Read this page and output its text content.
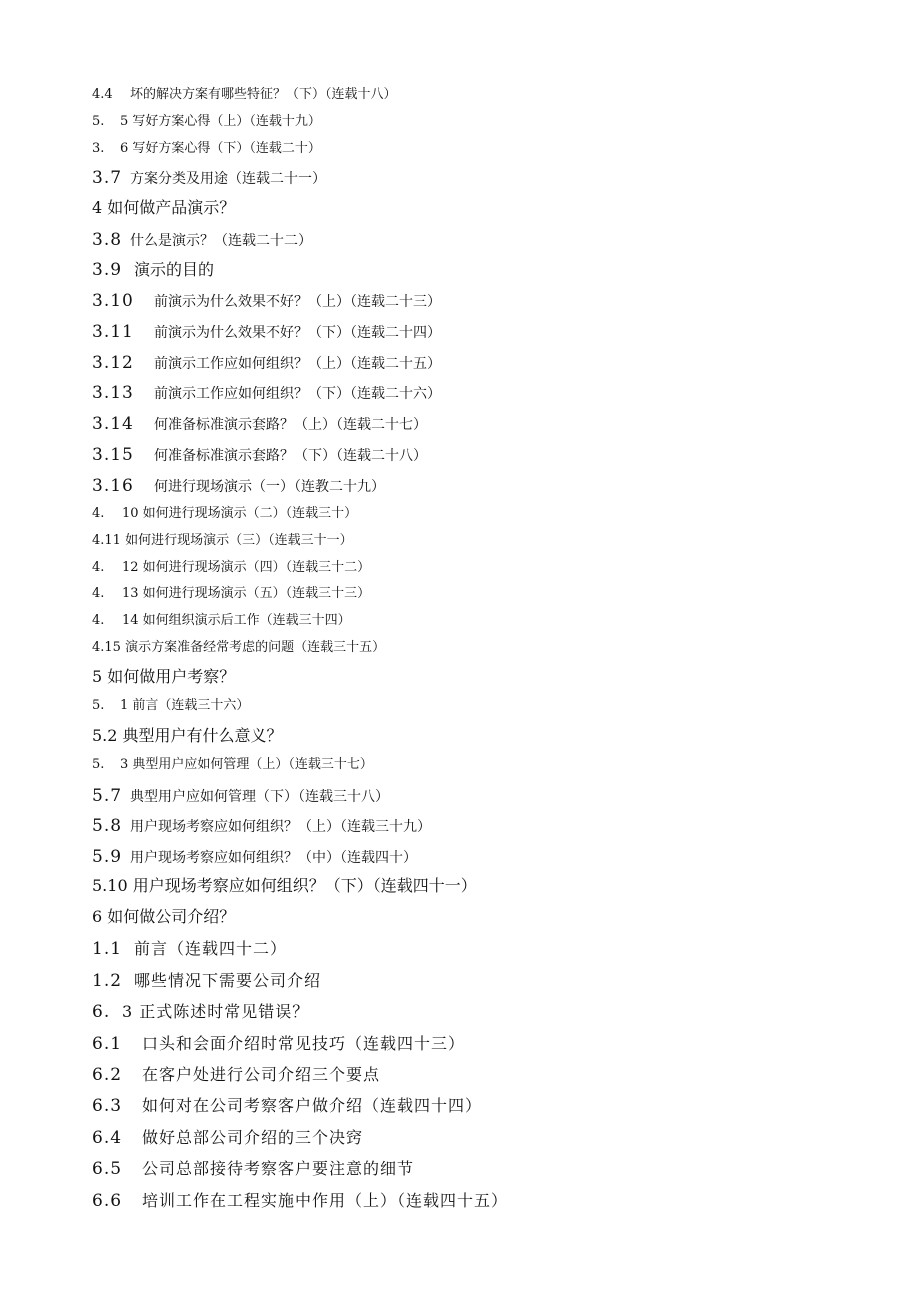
4.4 坏的解决方案有哪些特征？（下）（连载十八）
5. 5 写好方案心得（上）（连载十九）
3. 6 写好方案心得（下）（连载二十）
3.7 方案分类及用途（连载二十一）
4 如何做产品演示？
3.8 什么是演示？（连载二十二）
3.9 演示的目的
3.10 前演示为什么效果不好？（上）（连载二十三）
3.11 前演示为什么效果不好？（下）（连载二十四）
3.12 前演示工作应如何组织？（上）（连载二十五）
3.13 前演示工作应如何组织？（下）（连载二十六）
3.14 何准备标准演示套路？（上）（连载二十七）
3.15 何准备标准演示套路？（下）（连载二十八）
3.16 何进行现场演示（一）（连教二十九）
4. 10 如何进行现场演示（二）（连载三十）
4.11 如何进行现场演示（三）（连载三十一）
4. 12 如何进行现场演示（四）（连载三十二）
4. 13 如何进行现场演示（五）（连载三十三）
4. 14 如何组织演示后工作（连载三十四）
4.15 演示方案准备经常考虑的问题（连载三十五）
5 如何做用户考察？
5. 1 前言（连载三十六）
5.2 典型用户有什么意义？
5. 3 典型用户应如何管理（上）（连载三十七）
5.7 典型用户应如何管理（下）（连载三十八）
5.8 用户现场考察应如何组织？（上）（连载三十九）
5.9 用户现场考察应如何组织？（中）（连载四十）
5.10 用户现场考察应如何组织？（下）（连载四十一）
6 如何做公司介绍？
1.1 前言（连载四十二）
1.2 哪些情况下需要公司介绍
6. 3 正式陈述时常见错误？
6.1 口头和会面介绍时常见技巧（连载四十三）
6.2 在客户处进行公司介绍三个要点
6.3 如何对在公司考察客户做介绍（连载四十四）
6.4 做好总部公司介绍的三个决窍
6.5 公司总部接待考察客户要注意的细节
6.6 培训工作在工程实施中作用（上）（连载四十五）
